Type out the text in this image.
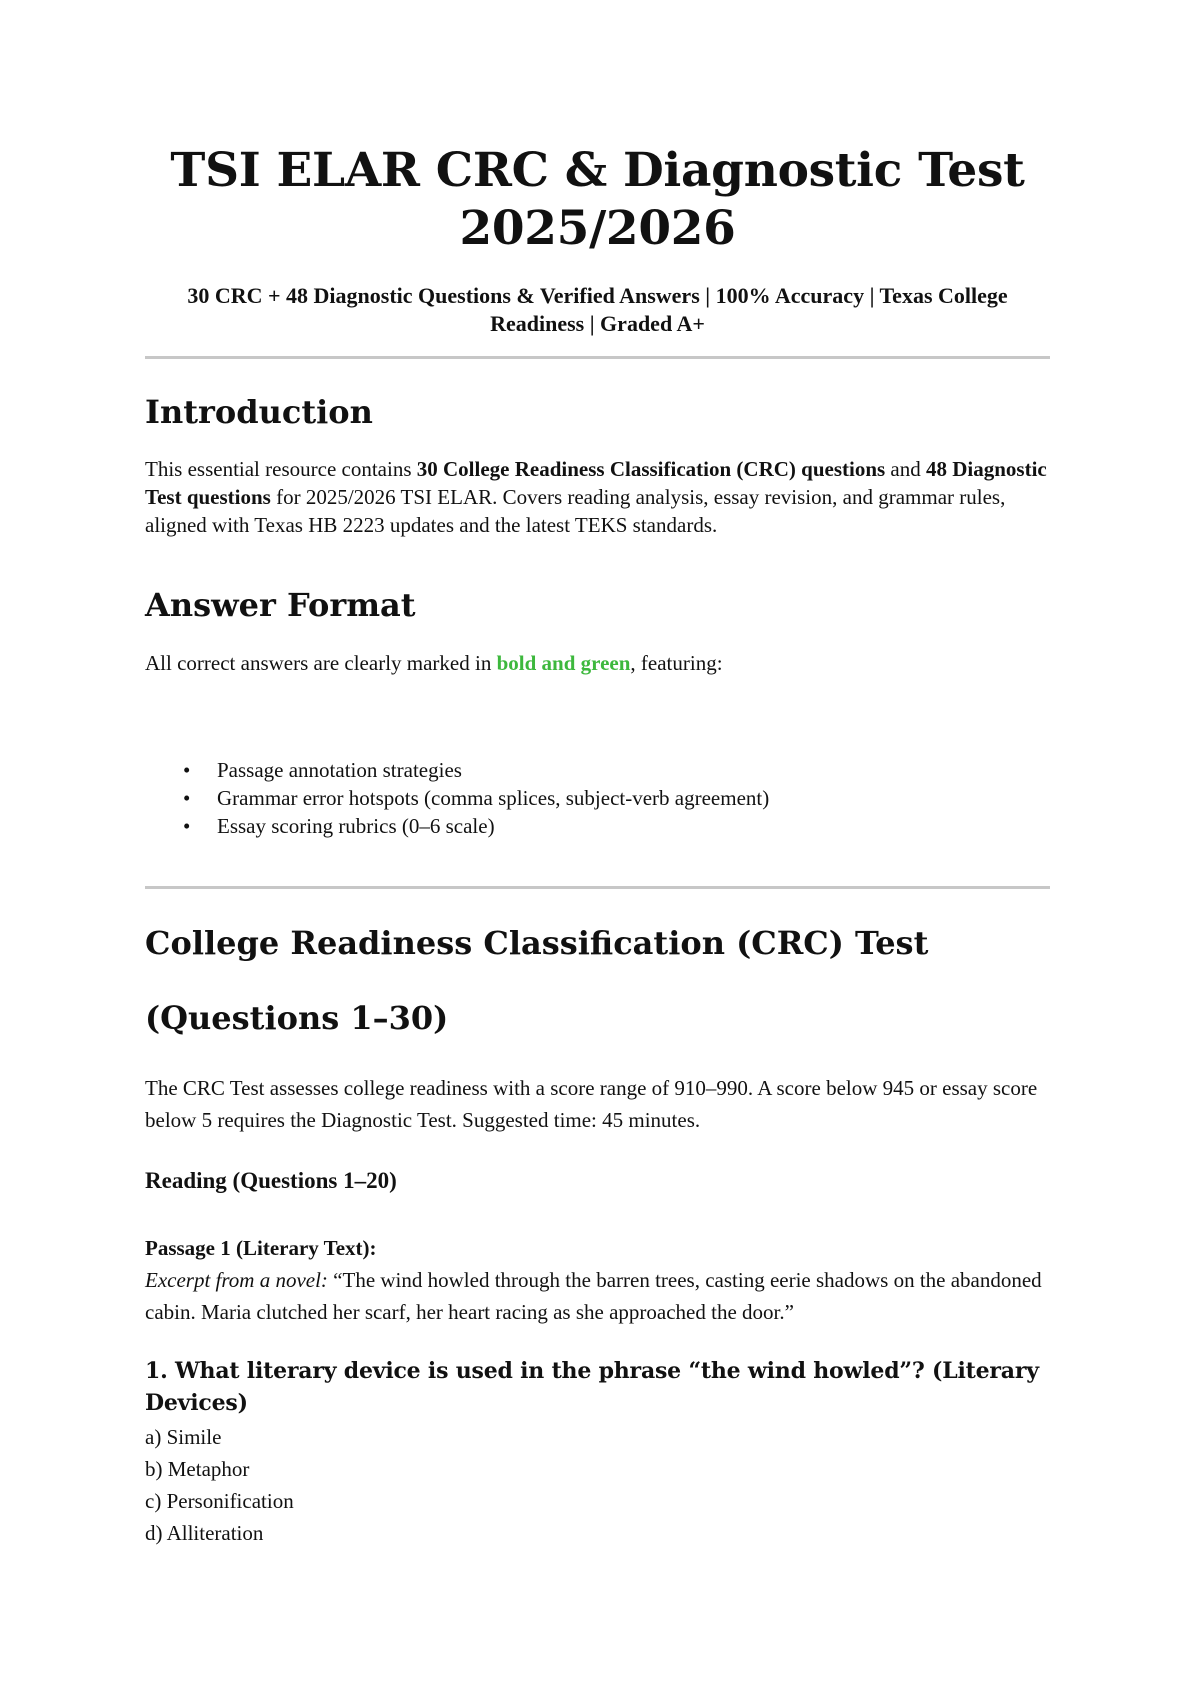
TSI ELAR CRC & Diagnostic Test 2025/2026

30 CRC + 48 Diagnostic Questions & Verified Answers | 100% Accuracy | Texas College Readiness | Graded A+

Introduction

This essential resource contains 30 College Readiness Classification (CRC) questions and 48 Diagnostic Test questions for 2025/2026 TSI ELAR. Covers reading analysis, essay revision, and grammar rules, aligned with Texas HB 2223 updates and the latest TEKS standards.

Answer Format

All correct answers are clearly marked in bold and green, featuring:

• Passage annotation strategies
• Grammar error hotspots (comma splices, subject-verb agreement)
• Essay scoring rubrics (0–6 scale)
College Readiness Classification (CRC) Test
(Questions 1–30)

The CRC Test assesses college readiness with a score range of 910–990. A score below 945 or essay score below 5 requires the Diagnostic Test. Suggested time: 45 minutes.

Reading (Questions 1–20)

Passage 1 (Literary Text):

Excerpt from a novel: “The wind howled through the barren trees, casting eerie shadows on the abandoned cabin. Maria clutched her scarf, her heart racing as she approached the door.”

1. What literary device is used in the phrase “the wind howled”? (Literary Devices)

a) Simile
b) Metaphor
c) Personification
d) Alliteration
